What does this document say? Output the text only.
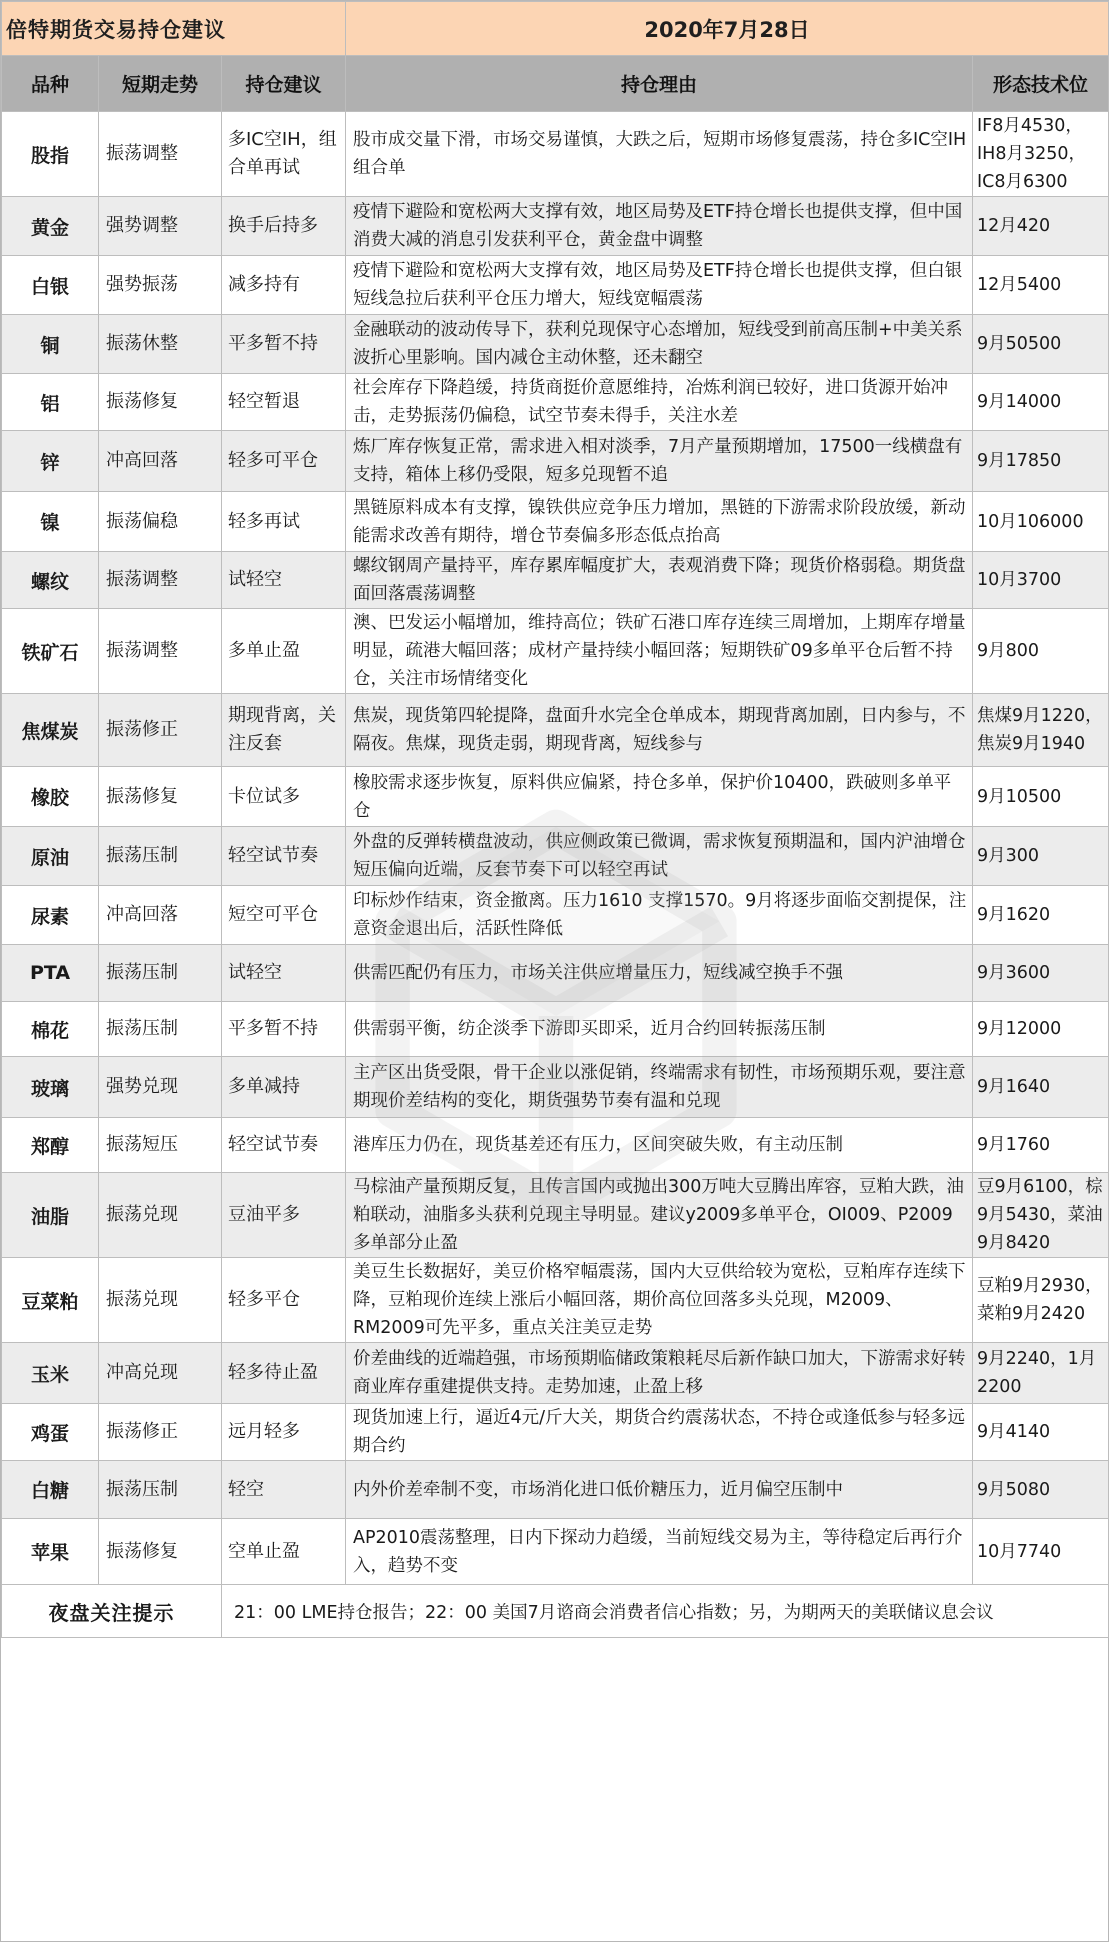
倍特期货交易持仓建议			2020年7月28日	
品种	短期走势	持仓建议	持仓理由	形态技术位
股指	振荡调整	多IC空IH，组合单再试	股市成交量下滑，市场交易谨慎，大跌之后，短期市场修复震荡，持仓多IC空IH组合单	IF8月4530，IH8月3250，IC8月6300
黄金	强势调整	换手后持多	疫情下避险和宽松两大支撑有效，地区局势及ETF持仓增长也提供支撑，但中国消费大减的消息引发获利平仓，黄金盘中调整	12月420
白银	强势振荡	减多持有	疫情下避险和宽松两大支撑有效，地区局势及ETF持仓增长也提供支撑，但白银短线急拉后获利平仓压力增大，短线宽幅震荡	12月5400
铜	振荡休整	平多暂不持	金融联动的波动传导下，获利兑现保守心态增加，短线受到前高压制+中美关系波折心里影响。国内减仓主动休整，还未翻空	9月50500
铝	振荡修复	轻空暂退	社会库存下降趋缓，持货商挺价意愿维持，冶炼利润已较好，进口货源开始冲击，走势振荡仍偏稳，试空节奏未得手，关注水差	9月14000
锌	冲高回落	轻多可平仓	炼厂库存恢复正常，需求进入相对淡季，7月产量预期增加，17500一线横盘有支持，箱体上移仍受限，短多兑现暂不追	9月17850
镍	振荡偏稳	轻多再试	黑链原料成本有支撑，镍铁供应竞争压力增加，黑链的下游需求阶段放缓，新动能需求改善有期待，增仓节奏偏多形态低点抬高	10月106000
螺纹	振荡调整	试轻空	螺纹钢周产量持平，库存累库幅度扩大，表观消费下降；现货价格弱稳。期货盘面回落震荡调整	10月3700
铁矿石	振荡调整	多单止盈	澳、巴发运小幅增加，维持高位；铁矿石港口库存连续三周增加，上期库存增量明显，疏港大幅回落；成材产量持续小幅回落；短期铁矿09多单平仓后暂不持仓，关注市场情绪变化	9月800
焦煤炭	振荡修正	期现背离，关注反套	焦炭，现货第四轮提降，盘面升水完全仓单成本，期现背离加剧，日内参与，不隔夜。焦煤，现货走弱，期现背离，短线参与	焦煤9月1220，焦炭9月1940
橡胶	振荡修复	卡位试多	橡胶需求逐步恢复，原料供应偏紧，持仓多单，保护价10400，跌破则多单平仓	9月10500
原油	振荡压制	轻空试节奏	外盘的反弹转横盘波动，供应侧政策已微调，需求恢复预期温和，国内沪油增仓短压偏向近端，反套节奏下可以轻空再试	9月300
尿素	冲高回落	短空可平仓	印标炒作结束，资金撤离。压力1610 支撑1570。9月将逐步面临交割提保，注意资金退出后，活跃性降低	9月1620
PTA	振荡压制	试轻空	供需匹配仍有压力，市场关注供应增量压力，短线减空换手不强	9月3600
棉花	振荡压制	平多暂不持	供需弱平衡，纺企淡季下游即买即采，近月合约回转振荡压制	9月12000
玻璃	强势兑现	多单减持	主产区出货受限，骨干企业以涨促销，终端需求有韧性，市场预期乐观，要注意期现价差结构的变化，期货强势节奏有温和兑现	9月1640
郑醇	振荡短压	轻空试节奏	港库压力仍在，现货基差还有压力，区间突破失败，有主动压制	9月1760
油脂	振荡兑现	豆油平多	马棕油产量预期反复，且传言国内或抛出300万吨大豆腾出库容，豆粕大跌，油粕联动，油脂多头获利兑现主导明显。建议y2009多单平仓，OI009、P2009多单部分止盈	豆9月6100，棕9月5430，菜油9月8420
豆菜粕	振荡兑现	轻多平仓	美豆生长数据好，美豆价格窄幅震荡，国内大豆供给较为宽松，豆粕库存连续下降，豆粕现价连续上涨后小幅回落，期价高位回落多头兑现，M2009、RM2009可先平多，重点关注美豆走势	豆粕9月2930，菜粕9月2420
玉米	冲高兑现	轻多待止盈	价差曲线的近端趋强，市场预期临储政策粮耗尽后新作缺口加大，下游需求好转商业库存重建提供支持。走势加速，止盈上移	9月2240，1月2200
鸡蛋	振荡修正	远月轻多	现货加速上行，逼近4元/斤大关，期货合约震荡状态，不持仓或逢低参与轻多远期合约	9月4140
白糖	振荡压制	轻空	内外价差牵制不变，市场消化进口低价糖压力，近月偏空压制中	9月5080
苹果	振荡修复	空单止盈	AP2010震荡整理，日内下探动力趋缓，当前短线交易为主，等待稳定后再行介入，趋势不变	10月7740
夜盘关注提示		21：00 LME持仓报告；22：00 美国7月谘商会消费者信心指数；另，为期两天的美联储议息会议		
